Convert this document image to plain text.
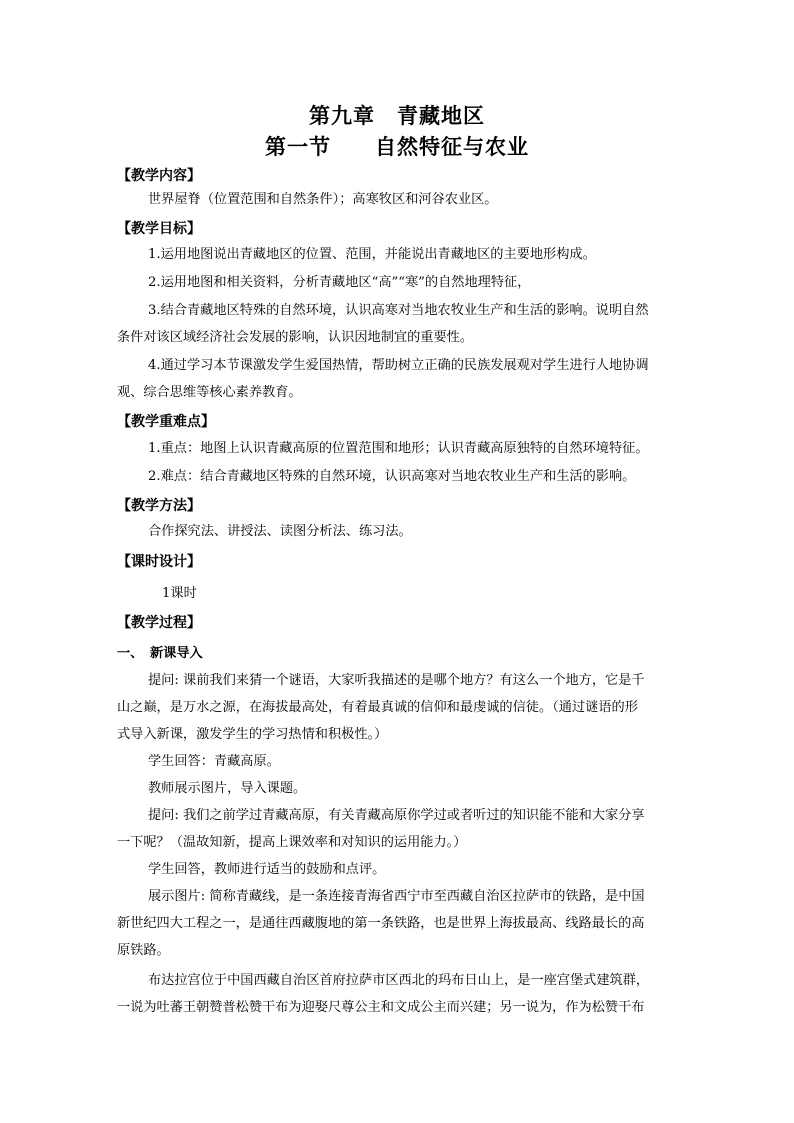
第九章　青藏地区
第一节　　自然特征与农业
【教学内容】
世界屋脊（位置范围和自然条件）；高寒牧区和河谷农业区。
【教学目标】
1.运用地图说出青藏地区的位置、范围，并能说出青藏地区的主要地形构成。
2.运用地图和相关资料，分析青藏地区“高”“寒”的自然地理特征，
3.结合青藏地区特殊的自然环境，认识高寒对当地农牧业生产和生活的影响。说明自然
条件对该区域经济社会发展的影响，认识因地制宜的重要性。
4.通过学习本节课激发学生爱国热情，帮助树立正确的民族发展观对学生进行人地协调
观、综合思维等核心素养教育。
【教学重难点】
1.重点：地图上认识青藏高原的位置范围和地形；认识青藏高原独特的自然环境特征。
2.难点：结合青藏地区特殊的自然环境，认识高寒对当地农牧业生产和生活的影响。
【教学方法】
合作探究法、讲授法、读图分析法、练习法。
【课时设计】
1课时
【教学过程】
一、　新课导入
提问: 课前我们来猜一个谜语，大家听我描述的是哪个地方？有这么一个地方，它是千
山之巅，是万水之源，在海拔最高处，有着最真诚的信仰和最虔诚的信徒。（通过谜语的形
式导入新课，激发学生的学习热情和积极性。）
学生回答：青藏高原。
教师展示图片，导入课题。
提问: 我们之前学过青藏高原，有关青藏高原你学过或者听过的知识能不能和大家分享
一下呢？（温故知新，提高上课效率和对知识的运用能力。）
学生回答，教师进行适当的鼓励和点评。
展示图片: 简称青藏线，是一条连接青海省西宁市至西藏自治区拉萨市的铁路，是中国
新世纪四大工程之一，是通往西藏腹地的第一条铁路，也是世界上海拔最高、线路最长的高
原铁路。
布达拉宫位于中国西藏自治区首府拉萨市区西北的玛布日山上，是一座宫堡式建筑群，
一说为吐蕃王朝赞普松赞干布为迎娶尺尊公主和文成公主而兴建；另一说为，作为松赞干布
